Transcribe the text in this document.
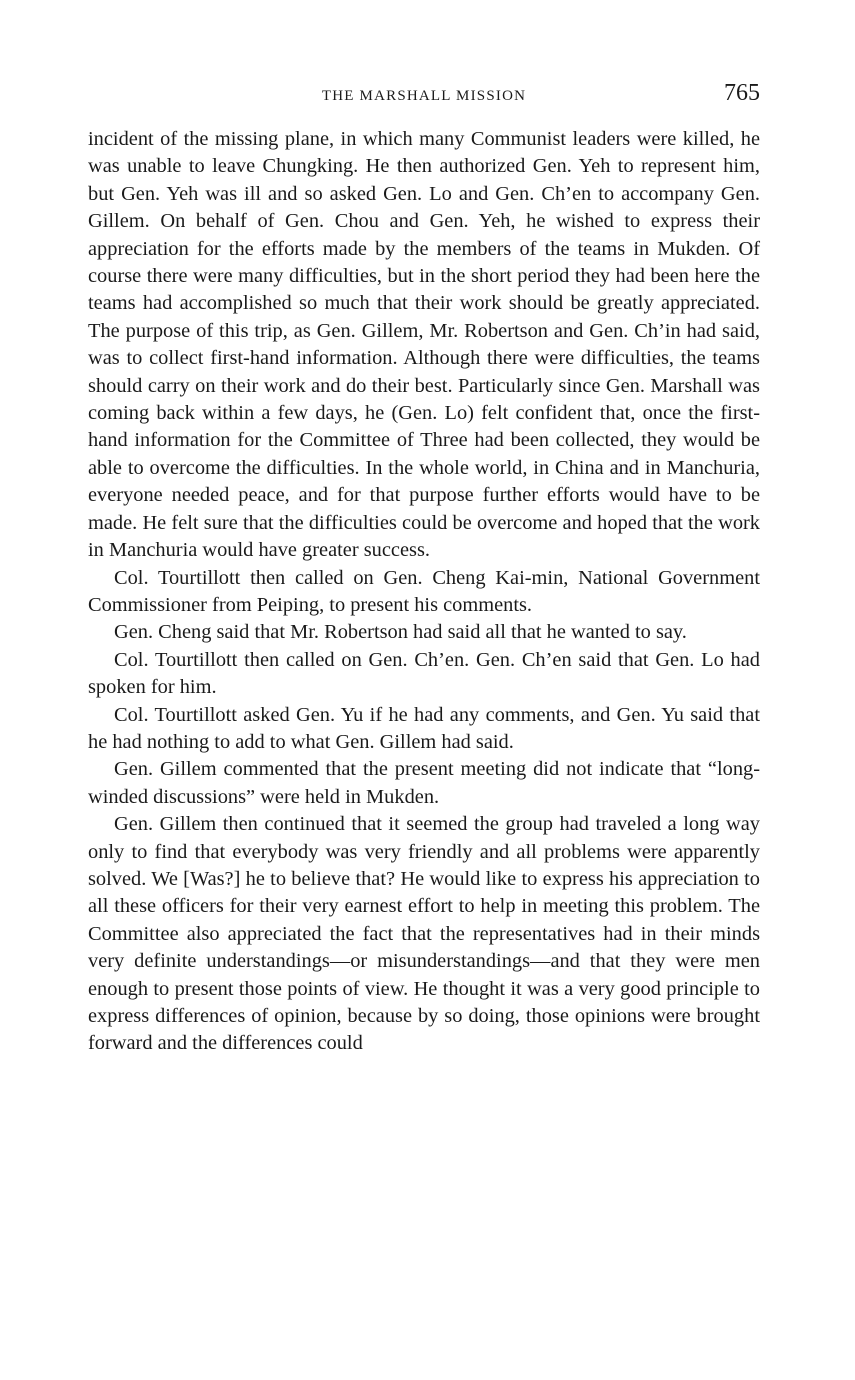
THE MARSHALL MISSION	765

incident of the missing plane, in which many Communist leaders were killed, he was unable to leave Chungking. He then authorized Gen. Yeh to represent him, but Gen. Yeh was ill and so asked Gen. Lo and Gen. Ch’en to accompany Gen. Gillem. On behalf of Gen. Chou and Gen. Yeh, he wished to express their appreciation for the efforts made by the members of the teams in Mukden. Of course there were many difficulties, but in the short period they had been here the teams had accomplished so much that their work should be greatly appreciated. The purpose of this trip, as Gen. Gillem, Mr. Robertson and Gen. Ch’in had said, was to collect first-hand information. Although there were difficulties, the teams should carry on their work and do their best. Particularly since Gen. Marshall was coming back within a few days, he (Gen. Lo) felt confident that, once the first-hand information for the Committee of Three had been collected, they would be able to overcome the difficulties. In the whole world, in China and in Manchuria, everyone needed peace, and for that purpose further efforts would have to be made. He felt sure that the difficulties could be overcome and hoped that the work in Manchuria would have greater success.

Col. Tourtillott then called on Gen. Cheng Kai-min, National Government Commissioner from Peiping, to present his comments.

Gen. Cheng said that Mr. Robertson had said all that he wanted to say.

Col. Tourtillott then called on Gen. Ch’en. Gen. Ch’en said that Gen. Lo had spoken for him.

Col. Tourtillott asked Gen. Yu if he had any comments, and Gen. Yu said that he had nothing to add to what Gen. Gillem had said.

Gen. Gillem commented that the present meeting did not indicate that “long-winded discussions” were held in Mukden.

Gen. Gillem then continued that it seemed the group had traveled a long way only to find that everybody was very friendly and all problems were apparently solved. We [Was?] he to believe that? He would like to express his appreciation to all these officers for their very earnest effort to help in meeting this problem. The Committee also appreciated the fact that the representatives had in their minds very definite understandings—or misunderstandings—and that they were men enough to present those points of view. He thought it was a very good principle to express differences of opinion, because by so doing, those opinions were brought forward and the differences could
